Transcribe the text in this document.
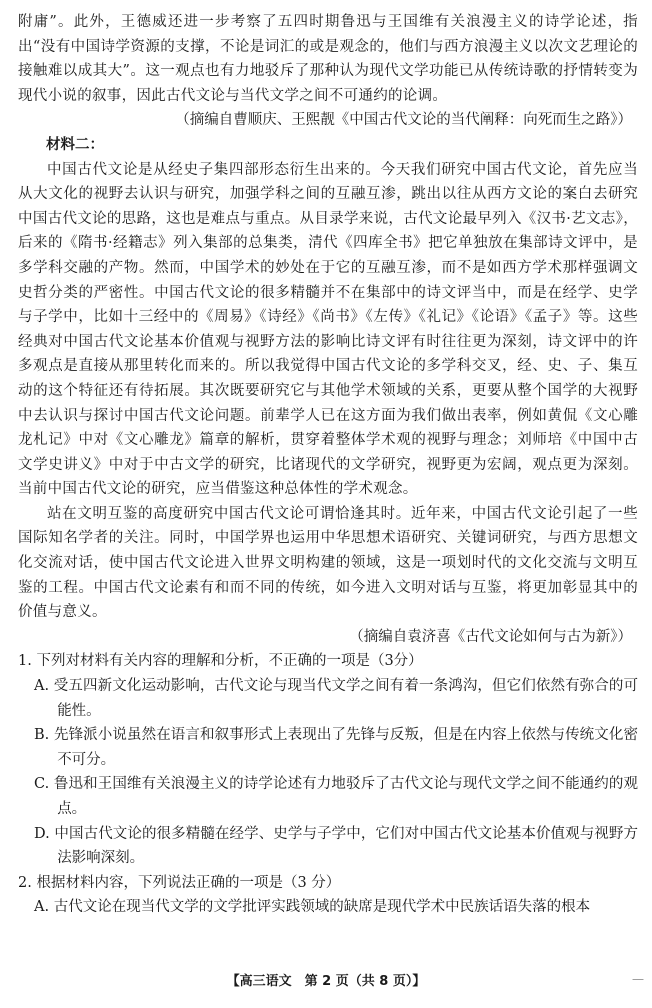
附庸”。此外，王德威还进一步考察了五四时期鲁迅与王国维有关浪漫主义的诗学论述，指出“没有中国诗学资源的支撑，不论是词汇的或是观念的，他们与西方浪漫主义以次文艺理论的接触难以成其大”。这一观点也有力地驳斥了那种认为现代文学功能已从传统诗歌的抒情转变为现代小说的叙事，因此古代文论与当代文学之间不可通约的论调。

（摘编自曹顺庆、王熙靓《中国古代文论的当代阐释：向死而生之路》）

材料二：

中国古代文论是从经史子集四部形态衍生出来的。今天我们研究中国古代文论，首先应当从大文化的视野去认识与研究，加强学科之间的互融互渗，跳出以往从西方文论的案白去研究中国古代文论的思路，这也是难点与重点。从目录学来说，古代文论最早列入《汉书·艺文志》，后来的《隋书·经籍志》列入集部的总集类，清代《四库全书》把它单独放在集部诗文评中，是多学科交融的产物。然而，中国学术的妙处在于它的互融互渗，而不是如西方学术那样强调文史哲分类的严密性。中国古代文论的很多精髓并不在集部中的诗文评当中，而是在经学、史学与子学中，比如十三经中的《周易》《诗经》《尚书》《左传》《礼记》《论语》《孟子》等。这些经典对中国古代文论基本价值观与视野方法的影响比诗文评有时往往更为深刻，诗文评中的许多观点是直接从那里转化而来的。所以我觉得中国古代文论的多学科交叉，经、史、子、集互动的这个特征还有待拓展。其次既要研究它与其他学术领域的关系，更要从整个国学的大视野中去认识与探讨中国古代文论问题。前辈学人已在这方面为我们做出表率，例如黄侃《文心雕龙札记》中对《文心雕龙》篇章的解析，贯穿着整体学术观的视野与理念；刘师培《中国中古文学史讲义》中对于中古文学的研究，比诸现代的文学研究，视野更为宏阔，观点更为深刻。当前中国古代文论的研究，应当借鉴这种总体性的学术观念。

站在文明互鉴的高度研究中国古代文论可谓恰逢其时。近年来，中国古代文论引起了一些国际知名学者的关注。同时，中国学界也运用中华思想术语研究、关键词研究，与西方思想文化交流对话，使中国古代文论进入世界文明构建的领域，这是一项划时代的文化交流与文明互鉴的工程。中国古代文论素有和而不同的传统，如今进入文明对话与互鉴，将更加彰显其中的价值与意义。

（摘编自袁济喜《古代文论如何与古为新》）

1. 下列对材料有关内容的理解和分析，不正确的一项是（3分）

A. 受五四新文化运动影响，古代文论与现当代文学之间有着一条鸿沟，但它们依然有弥合的可能性。

B. 先锋派小说虽然在语言和叙事形式上表现出了先锋与反叛，但是在内容上依然与传统文化密不可分。

C. 鲁迅和王国维有关浪漫主义的诗学论述有力地驳斥了古代文论与现代文学之间不能通约的观点。

D. 中国古代文论的很多精髓在经学、史学与子学中，它们对中国古代文论基本价值观与视野方法影响深刻。

2. 根据材料内容，下列说法正确的一项是（3 分）

A. 古代文论在现当代文学的文学批评实践领域的缺席是现代学术中民族话语失落的根本

【高三语文　第 2 页（共 8 页）】	—
